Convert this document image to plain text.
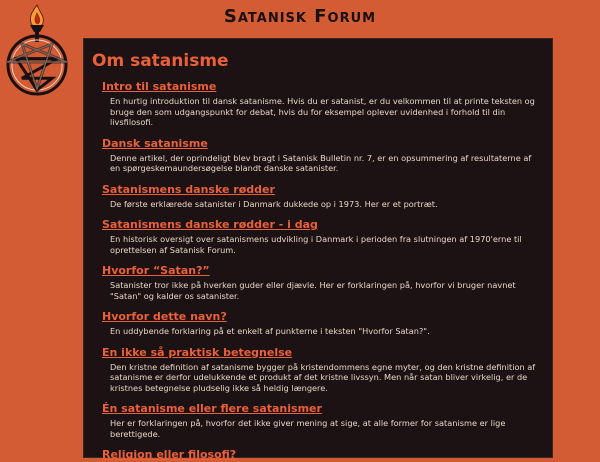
Satanisk Forum
Om satanisme
Intro til satanisme

En hurtig introduktion til dansk satanisme. Hvis du er satanist, er du velkommen til at printe teksten og bruge den som udgangspunkt for debat, hvis du for eksempel oplever uvidenhed i forhold til din livsfilosofi.

Dansk satanisme

Denne artikel, der oprindeligt blev bragt i Satanisk Bulletin nr. 7, er en opsummering af resultaterne af en spørgeskemaundersøgelse blandt danske satanister.

Satanismens danske rødder

De første erklærede satanister i Danmark dukkede op i 1973. Her er et portræt.

Satanismens danske rødder - i dag

En historisk oversigt over satanismens udvikling i Danmark i perioden fra slutningen af 1970'erne til oprettelsen af Satanisk Forum.

Hvorfor “Satan?”

Satanister tror ikke på hverken guder eller djævle. Her er forklaringen på, hvorfor vi bruger navnet "Satan" og kalder os satanister.

Hvorfor dette navn?

En uddybende forklaring på et enkelt af punkterne i teksten "Hvorfor Satan?".

En ikke så praktisk betegnelse

Den kristne definition af satanisme bygger på kristendommens egne myter, og den kristne definition af satanisme er derfor udelukkende et produkt af det kristne livssyn. Men når satan bliver virkelig, er de kristnes betegnelse pludselig ikke så heldig længere.

Én satanisme eller flere satanismer

Her er forklaringen på, hvorfor det ikke giver mening at sige, at alle former for satanisme er lige berettigede.

Religion eller filosofi?
